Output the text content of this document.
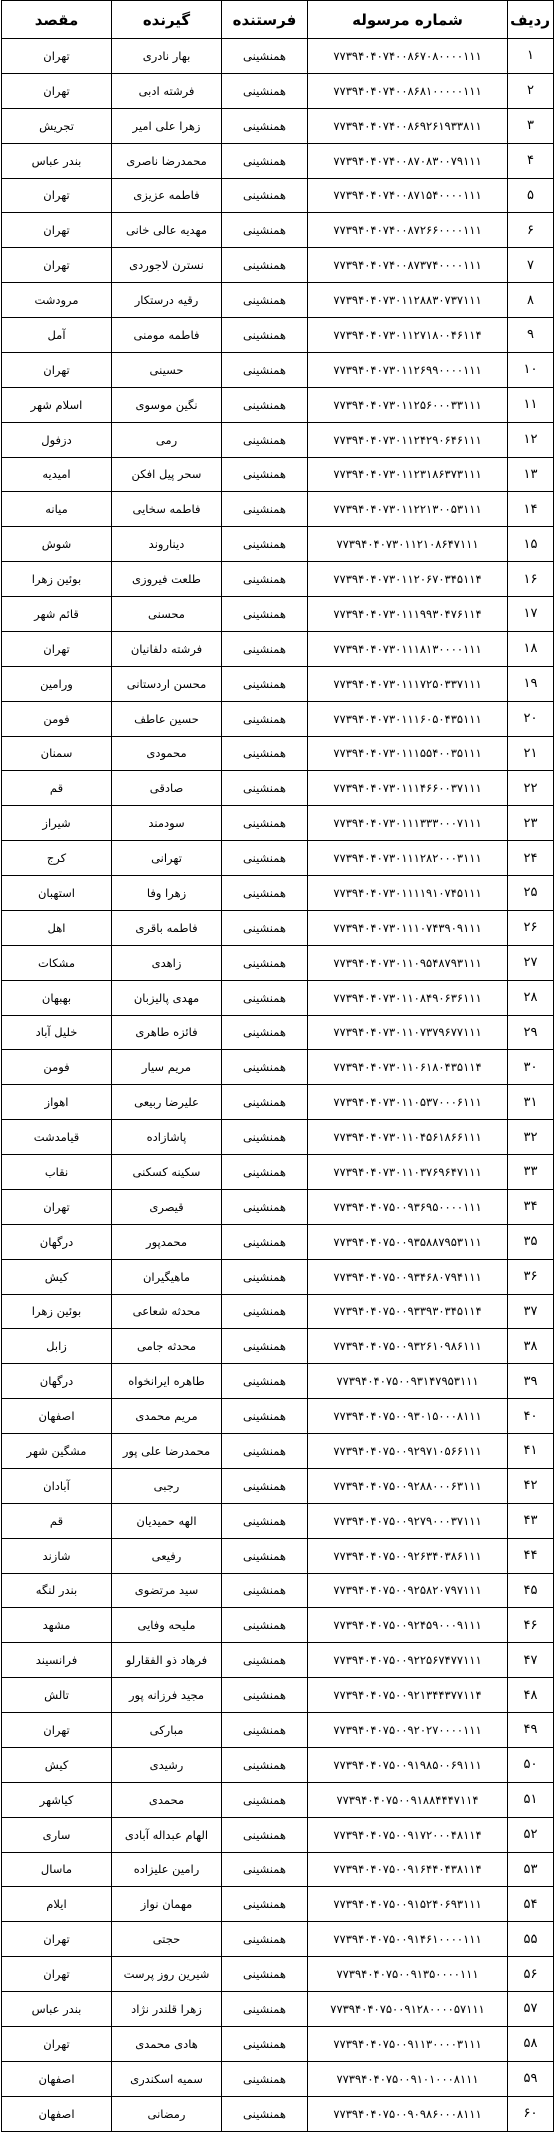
ردیف	شماره مرسوله	فرستنده	گیرنده	مقصد
۱	۷۷۳۹۴۰۴۰۷۴۰۰۸۶۷۰۸۰۰۰۰۱۱۱	همنشینی	بهار نادری	تهران
۲	۷۷۳۹۴۰۴۰۷۴۰۰۸۶۸۱۰۰۰۰۰۱۱۱	همنشینی	فرشته ادبی	تهران
۳	۷۷۳۹۴۰۴۰۷۴۰۰۸۶۹۲۶۱۹۳۳۸۱۱	همنشینی	زهرا علی امیر	تجریش
۴	۷۷۳۹۴۰۴۰۷۴۰۰۸۷۰۸۳۰۰۷۹۱۱۱	همنشینی	محمدرضا ناصری	بندر عباس
۵	۷۷۳۹۴۰۴۰۷۴۰۰۸۷۱۵۴۰۰۰۰۱۱۱	همنشینی	فاطمه عزیزی	تهران
۶	۷۷۳۹۴۰۴۰۷۴۰۰۸۷۲۶۶۰۰۰۰۱۱۱	همنشینی	مهدیه عالی خانی	تهران
۷	۷۷۳۹۴۰۴۰۷۴۰۰۸۷۳۷۴۰۰۰۰۱۱۱	همنشینی	نسترن لاجوردی	تهران
۸	۷۷۳۹۴۰۴۰۷۳۰۱۱۲۸۸۳۰۷۳۷۱۱۱	همنشینی	رقیه درستکار	مرودشت
۹	۷۷۳۹۴۰۴۰۷۳۰۱۱۲۷۱۸۰۰۴۶۱۱۴	همنشینی	فاطمه مومنی	آمل
۱۰	۷۷۳۹۴۰۴۰۷۳۰۱۱۲۶۹۹۰۰۰۰۱۱۱	همنشینی	حسینی	تهران
۱۱	۷۷۳۹۴۰۴۰۷۳۰۱۱۲۵۶۰۰۰۳۳۱۱۱	همنشینی	نگین موسوی	اسلام شهر
۱۲	۷۷۳۹۴۰۴۰۷۳۰۱۱۲۴۲۹۰۶۴۶۱۱۱	همنشینی	رمی	دزفول
۱۳	۷۷۳۹۴۰۴۰۷۳۰۱۱۲۳۱۸۶۳۷۳۱۱۱	همنشینی	سحر پیل افکن	امیدیه
۱۴	۷۷۳۹۴۰۴۰۷۳۰۱۱۲۲۱۳۰۰۵۳۱۱۱	همنشینی	فاطمه سخایی	میانه
۱۵	۷۷۳۹۴۰۴۰۷۳۰۱۱۲۱۰۸۶۴۷۱۱۱	همنشینی	دیناروند	شوش
۱۶	۷۷۳۹۴۰۴۰۷۳۰۱۱۲۰۶۷۰۳۴۵۱۱۴	همنشینی	طلعت فیروزی	بوئین زهرا
۱۷	۷۷۳۹۴۰۴۰۷۳۰۱۱۱۹۹۳۰۴۷۶۱۱۴	همنشینی	محسنی	قائم شهر
۱۸	۷۷۳۹۴۰۴۰۷۳۰۱۱۱۸۱۳۰۰۰۰۱۱۱	همنشینی	فرشته دلفانیان	تهران
۱۹	۷۷۳۹۴۰۴۰۷۳۰۱۱۱۷۲۵۰۳۳۷۱۱۱	همنشینی	محسن اردستانی	ورامین
۲۰	۷۷۳۹۴۰۴۰۷۳۰۱۱۱۶۰۵۰۴۳۵۱۱۱	همنشینی	حسین عاطف	فومن
۲۱	۷۷۳۹۴۰۴۰۷۳۰۱۱۱۵۵۴۰۰۳۵۱۱۱	همنشینی	محمودی	سمنان
۲۲	۷۷۳۹۴۰۴۰۷۳۰۱۱۱۴۶۶۰۰۳۷۱۱۱	همنشینی	صادقی	قم
۲۳	۷۷۳۹۴۰۴۰۷۳۰۱۱۱۳۳۳۰۰۰۷۱۱۱	همنشینی	سودمند	شیراز
۲۴	۷۷۳۹۴۰۴۰۷۳۰۱۱۱۲۸۲۰۰۰۳۱۱۱	همنشینی	تهرانی	کرج
۲۵	۷۷۳۹۴۰۴۰۷۳۰۱۱۱۱۹۱۰۷۴۵۱۱۱	همنشینی	زهرا وفا	استهبان
۲۶	۷۷۳۹۴۰۴۰۷۳۰۱۱۱۰۷۴۳۹۰۹۱۱۱	همنشینی	فاطمه باقری	اهل
۲۷	۷۷۳۹۴۰۴۰۷۳۰۱۱۰۹۵۴۸۷۹۳۱۱۱	همنشینی	زاهدی	مشکات
۲۸	۷۷۳۹۴۰۴۰۷۳۰۱۱۰۸۴۹۰۶۳۶۱۱۱	همنشینی	مهدی پالیزبان	بهبهان
۲۹	۷۷۳۹۴۰۴۰۷۳۰۱۱۰۷۳۷۹۶۷۷۱۱۱	همنشینی	فائزه طاهری	خلیل آباد
۳۰	۷۷۳۹۴۰۴۰۷۳۰۱۱۰۶۱۸۰۴۳۵۱۱۴	همنشینی	مریم سیار	فومن
۳۱	۷۷۳۹۴۰۴۰۷۳۰۱۱۰۵۳۷۰۰۰۶۱۱۱	همنشینی	علیرضا ربیعی	اهواز
۳۲	۷۷۳۹۴۰۴۰۷۳۰۱۱۰۴۵۶۱۸۶۶۱۱۱	همنشینی	پاشازاده	قیامدشت
۳۳	۷۷۳۹۴۰۴۰۷۳۰۱۱۰۳۷۶۹۶۴۷۱۱۱	همنشینی	سکینه کسکنی	نقاب
۳۴	۷۷۳۹۴۰۴۰۷۵۰۰۹۳۶۹۵۰۰۰۰۱۱۱	همنشینی	قیصری	تهران
۳۵	۷۷۳۹۴۰۴۰۷۵۰۰۹۳۵۸۸۷۹۵۳۱۱۱	همنشینی	محمدپور	درگهان
۳۶	۷۷۳۹۴۰۴۰۷۵۰۰۹۳۴۶۸۰۷۹۴۱۱۱	همنشینی	ماهیگیران	کیش
۳۷	۷۷۳۹۴۰۴۰۷۵۰۰۹۳۳۹۳۰۳۴۵۱۱۴	همنشینی	محدثه شعاعی	بوئین زهرا
۳۸	۷۷۳۹۴۰۴۰۷۵۰۰۹۳۲۶۱۰۹۸۶۱۱۱	همنشینی	محدثه جامی	زابل
۳۹	۷۷۳۹۴۰۴۰۷۵۰۰۹۳۱۴۷۹۵۳۱۱۱	همنشینی	طاهره ایرانخواه	درگهان
۴۰	۷۷۳۹۴۰۴۰۷۵۰۰۹۳۰۱۵۰۰۰۸۱۱۱	همنشینی	مریم محمدی	اصفهان
۴۱	۷۷۳۹۴۰۴۰۷۵۰۰۹۲۹۷۱۰۵۶۶۱۱۱	همنشینی	محمدرضا علی پور	مشگین شهر
۴۲	۷۷۳۹۴۰۴۰۷۵۰۰۹۲۸۸۰۰۰۶۳۱۱۱	همنشینی	رجبی	آبادان
۴۳	۷۷۳۹۴۰۴۰۷۵۰۰۹۲۷۹۰۰۰۳۷۱۱۱	همنشینی	الهه حمیدیان	قم
۴۴	۷۷۳۹۴۰۴۰۷۵۰۰۹۲۶۳۴۰۳۸۶۱۱۱	همنشینی	رفیعی	شازند
۴۵	۷۷۳۹۴۰۴۰۷۵۰۰۹۲۵۸۲۰۷۹۷۱۱۱	همنشینی	سید مرتضوی	بندر لنگه
۴۶	۷۷۳۹۴۰۴۰۷۵۰۰۹۲۴۵۹۰۰۰۹۱۱۱	همنشینی	ملیحه وفایی	مشهد
۴۷	۷۷۳۹۴۰۴۰۷۵۰۰۹۲۲۵۶۷۴۷۷۱۱۱	همنشینی	فرهاد ذو الفقارلو	فرانسیند
۴۸	۷۷۳۹۴۰۴۰۷۵۰۰۹۲۱۳۴۴۳۷۷۱۱۴	همنشینی	مجید فرزانه پور	تالش
۴۹	۷۷۳۹۴۰۴۰۷۵۰۰۹۲۰۲۷۰۰۰۰۱۱۱	همنشینی	مبارکی	تهران
۵۰	۷۷۳۹۴۰۴۰۷۵۰۰۹۱۹۸۵۰۰۶۹۱۱۱	همنشینی	رشیدی	کیش
۵۱	۷۷۳۹۴۰۴۰۷۵۰۰۹۱۸۸۴۴۴۷۱۱۴	همنشینی	محمدی	کیاشهر
۵۲	۷۷۳۹۴۰۴۰۷۵۰۰۹۱۷۲۰۰۰۴۸۱۱۴	همنشینی	الهام عبداله آبادی	ساری
۵۳	۷۷۳۹۴۰۴۰۷۵۰۰۹۱۶۴۴۰۴۳۸۱۱۴	همنشینی	رامین علیزاده	ماسال
۵۴	۷۷۳۹۴۰۴۰۷۵۰۰۹۱۵۲۴۰۶۹۳۱۱۱	همنشینی	مهمان نواز	ایلام
۵۵	۷۷۳۹۴۰۴۰۷۵۰۰۹۱۴۶۱۰۰۰۰۱۱۱	همنشینی	حجتی	تهران
۵۶	۷۷۳۹۴۰۴۰۷۵۰۰۹۱۳۵۰۰۰۰۱۱۱	همنشینی	شیرین روز پرست	تهران
۵۷	۷۷۳۹۴۰۴۰۷۵۰۰۹۱۲۸۰۰۰۰۵۷۱۱۱	همنشینی	زهرا قلندر نژاد	بندر عباس
۵۸	۷۷۳۹۴۰۴۰۷۵۰۰۹۱۱۳۰۰۰۰۳۱۱۱	همنشینی	هادی محمدی	تهران
۵۹	۷۷۳۹۴۰۴۰۷۵۰۰۹۱۰۱۰۰۰۸۱۱۱	همنشینی	سمیه اسکندری	اصفهان
۶۰	۷۷۳۹۴۰۴۰۷۵۰۰۹۰۹۸۶۰۰۰۸۱۱۱	همنشینی	رمضانی	اصفهان
